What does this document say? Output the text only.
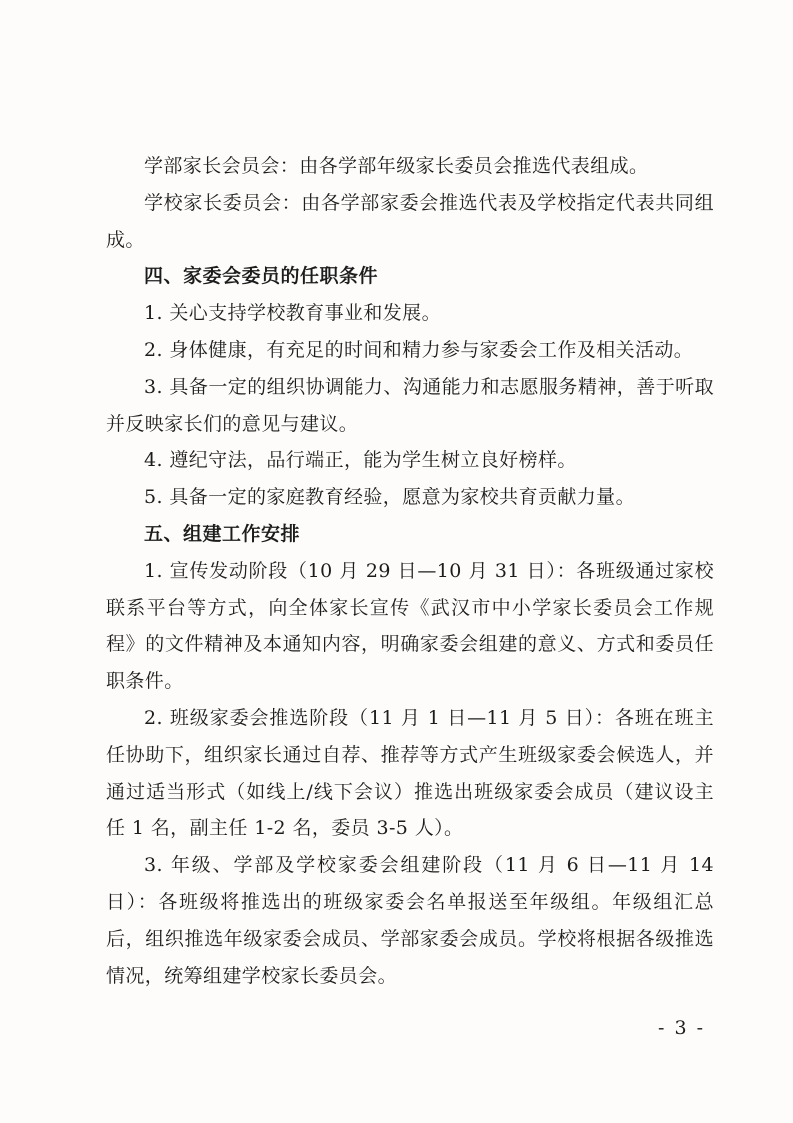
学部家长会员会：由各学部年级家长委员会推选代表组成。

学校家长委员会：由各学部家委会推选代表及学校指定代表共同组成。

四、家委会委员的任职条件

1. 关心支持学校教育事业和发展。

2. 身体健康，有充足的时间和精力参与家委会工作及相关活动。

3. 具备一定的组织协调能力、沟通能力和志愿服务精神，善于听取并反映家长们的意见与建议。

4. 遵纪守法，品行端正，能为学生树立良好榜样。

5. 具备一定的家庭教育经验，愿意为家校共育贡献力量。

五、组建工作安排

1. 宣传发动阶段（10 月 29 日—10 月 31 日）：各班级通过家校联系平台等方式，向全体家长宣传《武汉市中小学家长委员会工作规程》的文件精神及本通知内容，明确家委会组建的意义、方式和委员任职条件。

2. 班级家委会推选阶段（11 月 1 日—11 月 5 日）：各班在班主任协助下，组织家长通过自荐、推荐等方式产生班级家委会候选人，并通过适当形式（如线上/线下会议）推选出班级家委会成员（建议设主任 1 名，副主任 1-2 名，委员 3-5 人）。

3. 年级、学部及学校家委会组建阶段（11 月 6 日—11 月 14 日）：各班级将推选出的班级家委会名单报送至年级组。年级组汇总后，组织推选年级家委会成员、学部家委会成员。学校将根据各级推选情况，统筹组建学校家长委员会。

- 3 -
